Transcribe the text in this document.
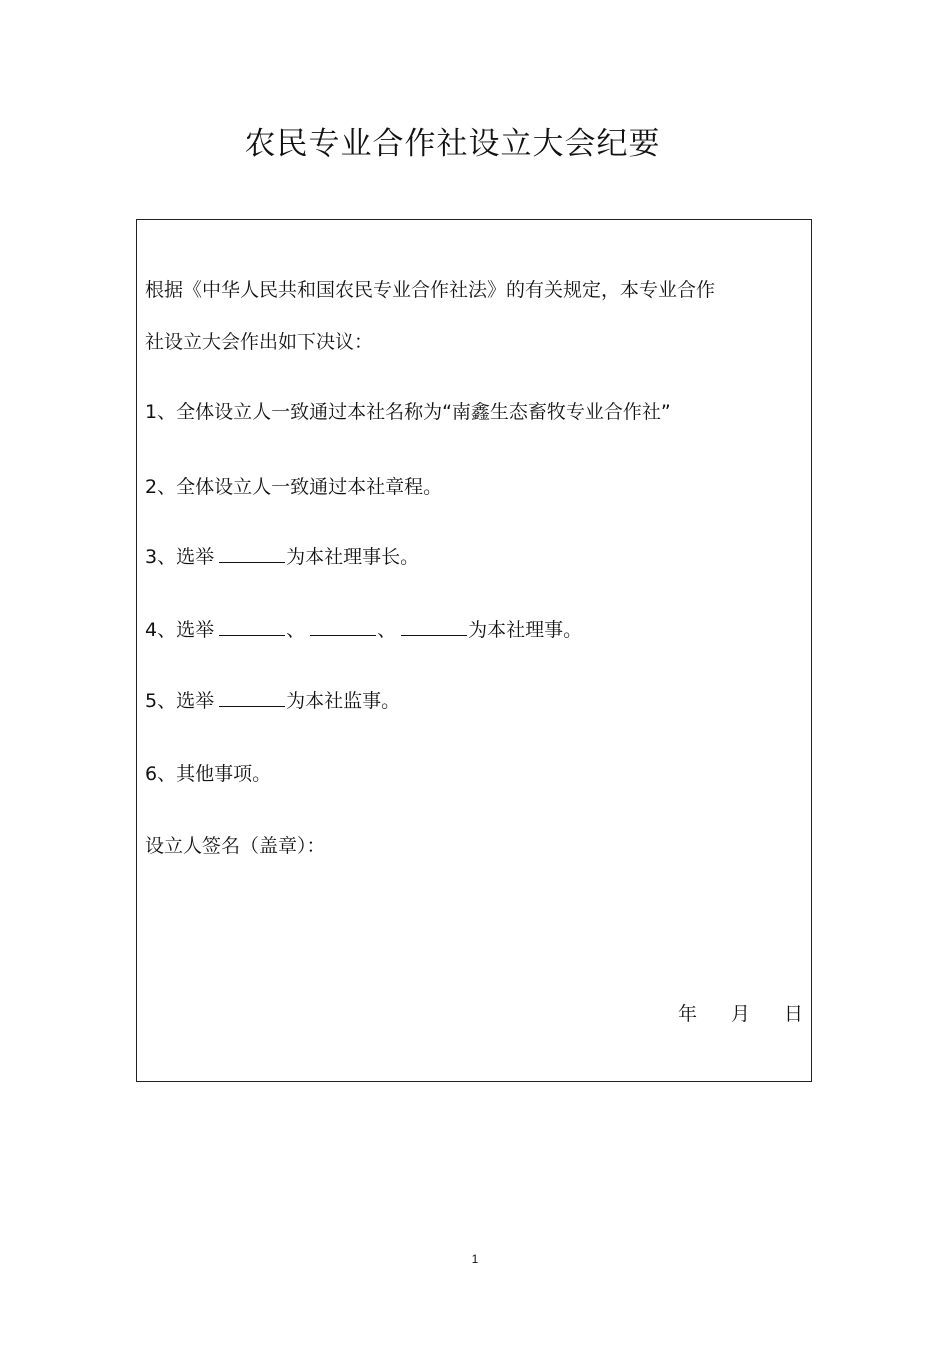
农民专业合作社设立大会纪要
根据《中华人民共和国农民专业合作社法》的有关规定，本专业合作
社设立大会作出如下决议：
1、全体设立人一致通过本社名称为“南鑫生态畜牧专业合作社”
2、全体设立人一致通过本社章程。
3、选举	为本社理事长。
4、选举	、	、	为本社理事。
5、选举	为本社监事。
6、其他事项。
设立人签名（盖章）：
年 月 日
1
